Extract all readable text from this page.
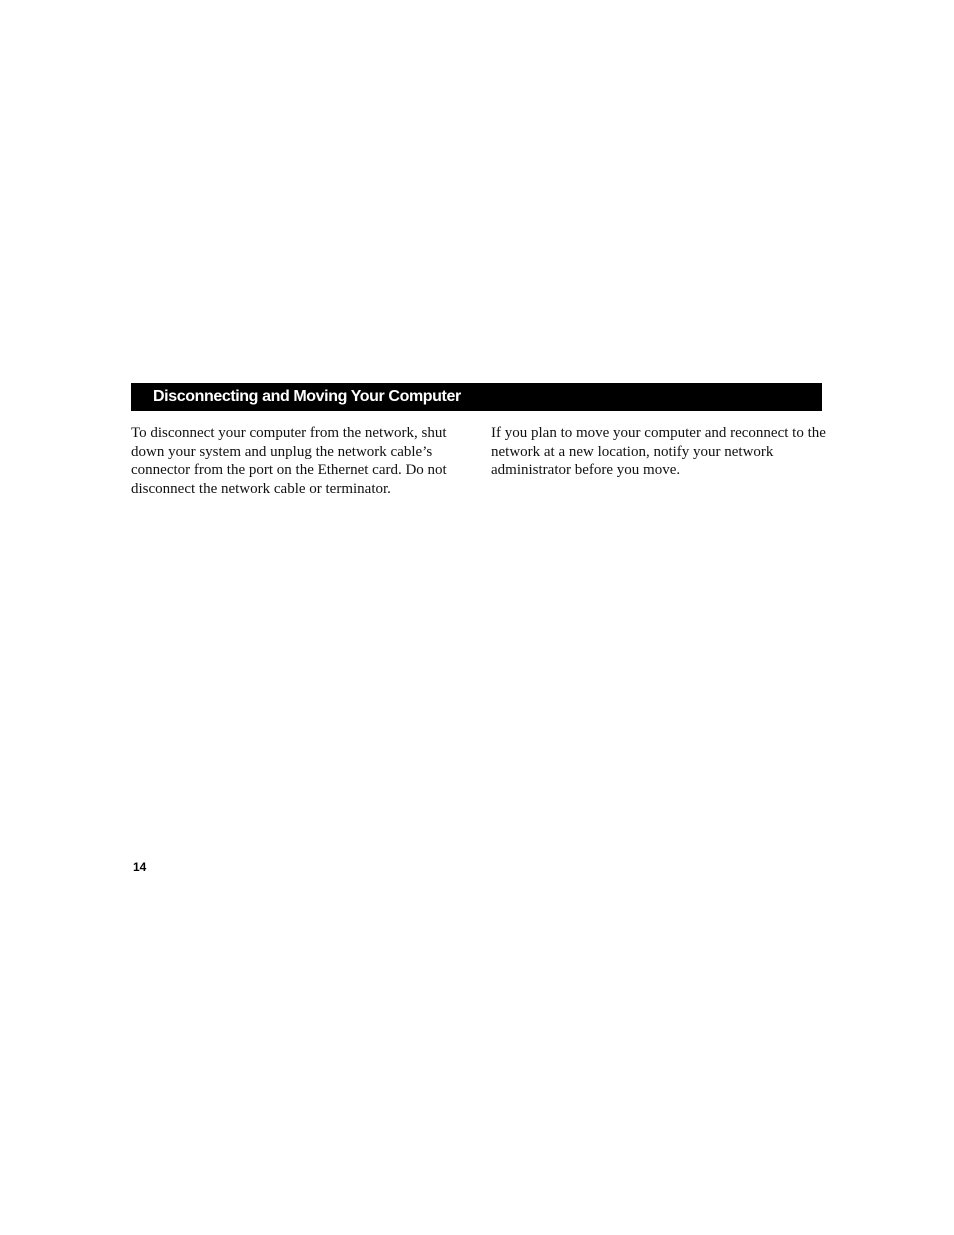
Disconnecting and Moving Your Computer

To disconnect your computer from the network, shut down your system and unplug the network cable’s connector from the port on the Ethernet card. Do not disconnect the network cable or terminator.

If you plan to move your computer and reconnect to the network at a new location, notify your network administrator before you move.

14
